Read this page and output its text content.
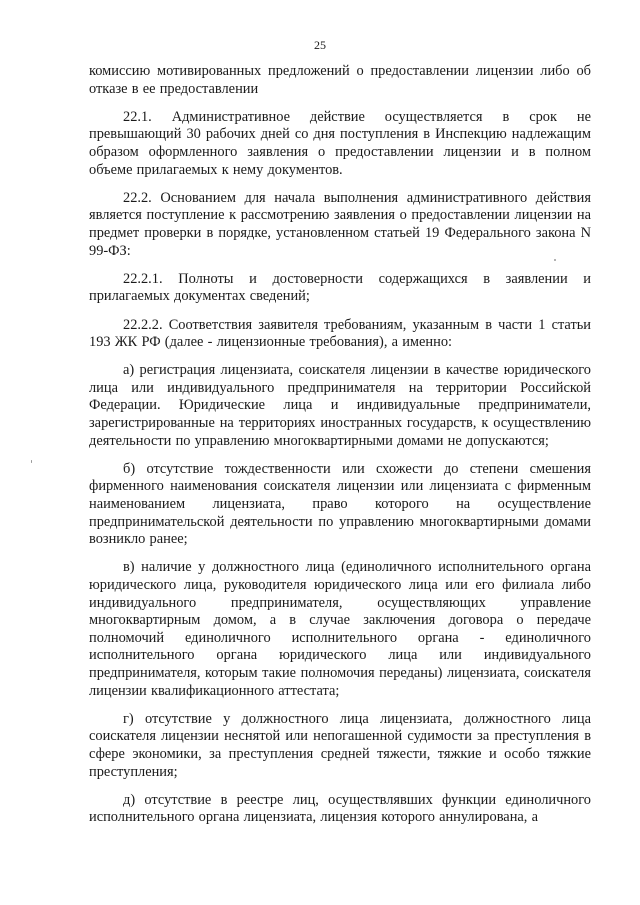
25

комиссию мотивированных предложений о предоставлении лицензии либо об отказе в ее предоставлении

22.1. Административное действие осуществляется в срок не превышающий 30 рабочих дней со дня поступления в Инспекцию надлежащим образом оформленного заявления о предоставлении лицензии и в полном объеме прилагаемых к нему документов.

22.2. Основанием для начала выполнения административного действия является поступление к рассмотрению заявления о предоставлении лицензии на предмет проверки в порядке, установленном статьей 19 Федерального закона N 99-ФЗ:

22.2.1. Полноты и достоверности содержащихся в заявлении и прилагаемых документах сведений;

22.2.2. Соответствия заявителя требованиям, указанным в части 1 статьи 193 ЖК РФ (далее - лицензионные требования), а именно:

а) регистрация лицензиата, соискателя лицензии в качестве юридического лица или индивидуального предпринимателя на территории Российской Федерации. Юридические лица и индивидуальные предприниматели, зарегистрированные на территориях иностранных государств, к осуществлению деятельности по управлению многоквартирными домами не допускаются;

б) отсутствие тождественности или схожести до степени смешения фирменного наименования соискателя лицензии или лицензиата с фирменным наименованием лицензиата, право которого на осуществление предпринимательской деятельности по управлению многоквартирными домами возникло ранее;

в) наличие у должностного лица (единоличного исполнительного органа юридического лица, руководителя юридического лица или его филиала либо индивидуального предпринимателя, осуществляющих управление многоквартирным домом, а в случае заключения договора о передаче полномочий единоличного исполнительного органа - единоличного исполнительного органа юридического лица или индивидуального предпринимателя, которым такие полномочия переданы) лицензиата, соискателя лицензии квалификационного аттестата;

г) отсутствие у должностного лица лицензиата, должностного лица соискателя лицензии неснятой или непогашенной судимости за преступления в сфере экономики, за преступления средней тяжести, тяжкие и особо тяжкие преступления;

д) отсутствие в реестре лиц, осуществлявших функции единоличного исполнительного органа лицензиата, лицензия которого аннулирована, а
